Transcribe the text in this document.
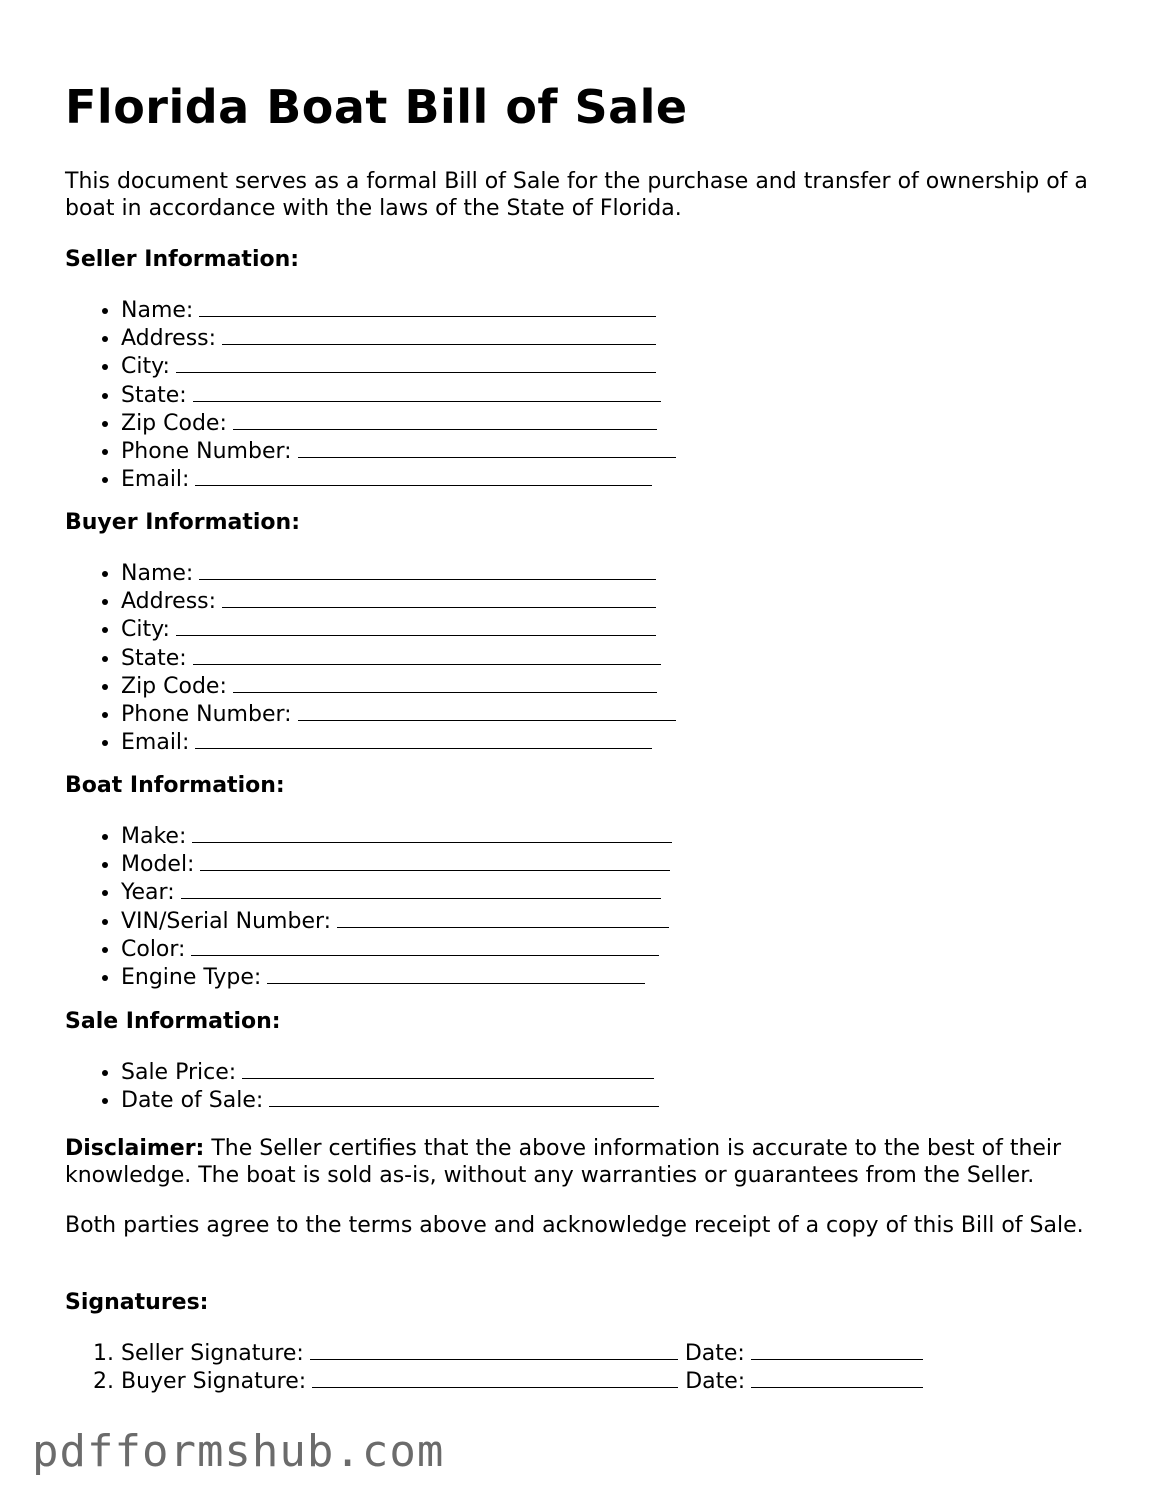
Florida Boat Bill of Sale

This document serves as a formal Bill of Sale for the purchase and transfer of ownership of a boat in accordance with the laws of the State of Florida.

Seller Information:

• Name:
• Address:
• City:
• State:
• Zip Code:
• Phone Number:
• Email:

Buyer Information:

• Name:
• Address:
• City:
• State:
• Zip Code:
• Phone Number:
• Email:

Boat Information:

• Make:
• Model:
• Year:
• VIN/Serial Number:
• Color:
• Engine Type:

Sale Information:

• Sale Price:
• Date of Sale:

Disclaimer: The Seller certifies that the above information is accurate to the best of their knowledge. The boat is sold as-is, without any warranties or guarantees from the Seller.

Both parties agree to the terms above and acknowledge receipt of a copy of this Bill of Sale.

Signatures:

1. Seller Signature:	Date:
2. Buyer Signature:	Date:
pdfformshub.com
